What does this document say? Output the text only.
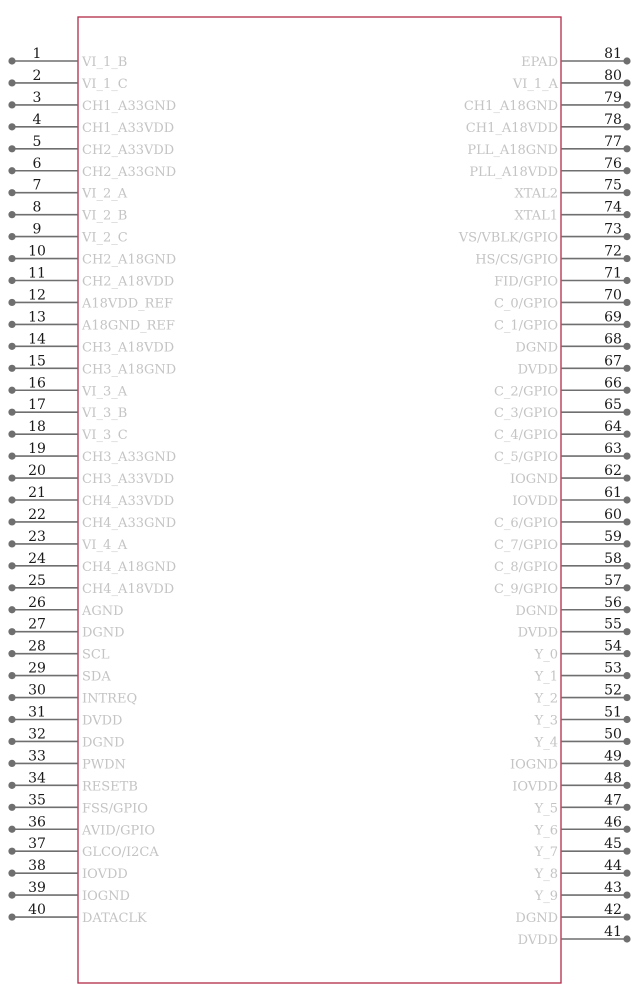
1
VI_1_B
2
VI_1_C
3
CH1_A33GND
4
CH1_A33VDD
5
CH2_A33VDD
6
CH2_A33GND
7
VI_2_A
8
VI_2_B
9
VI_2_C
10
CH2_A18GND
11
CH2_A18VDD
12
A18VDD_REF
13
A18GND_REF
14
CH3_A18VDD
15
CH3_A18GND
16
VI_3_A
17
VI_3_B
18
VI_3_C
19
CH3_A33GND
20
CH3_A33VDD
21
CH4_A33VDD
22
CH4_A33GND
23
VI_4_A
24
CH4_A18GND
25
CH4_A18VDD
26
AGND
27
DGND
28
SCL
29
SDA
30
INTREQ
31
DVDD
32
DGND
33
PWDN
34
RESETB
35
FSS/GPIO
36
AVID/GPIO
37
GLCO/I2CA
38
IOVDD
39
IOGND
40
DATACLK
81
EPAD
80
VI_1_A
79
CH1_A18GND
78
CH1_A18VDD
77
PLL_A18GND
76
PLL_A18VDD
75
XTAL2
74
XTAL1
73
VS/VBLK/GPIO
72
HS/CS/GPIO
71
FID/GPIO
70
C_0/GPIO
69
C_1/GPIO
68
DGND
67
DVDD
66
C_2/GPIO
65
C_3/GPIO
64
C_4/GPIO
63
C_5/GPIO
62
IOGND
61
IOVDD
60
C_6/GPIO
59
C_7/GPIO
58
C_8/GPIO
57
C_9/GPIO
56
DGND
55
DVDD
54
Y_0
53
Y_1
52
Y_2
51
Y_3
50
Y_4
49
IOGND
48
IOVDD
47
Y_5
46
Y_6
45
Y_7
44
Y_8
43
Y_9
42
DGND
41
DVDD
